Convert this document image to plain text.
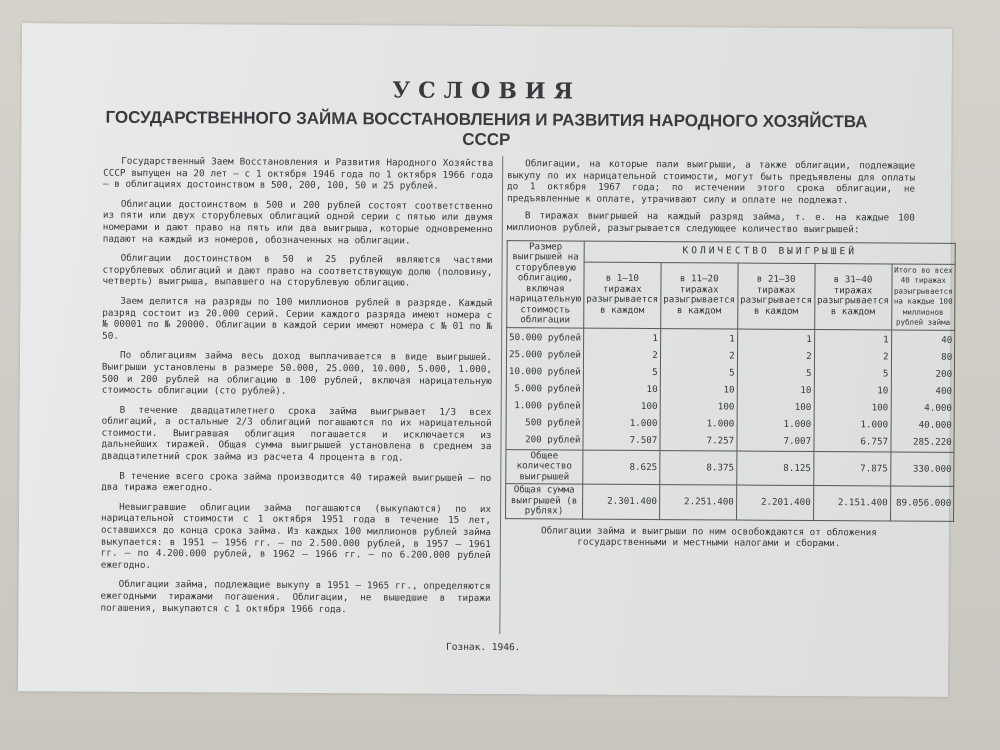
УСЛОВИЯ
ГОСУДАРСТВЕННОГО ЗАЙМА ВОССТАНОВЛЕНИЯ И РАЗВИТИЯ НАРОДНОГО ХОЗЯЙСТВА СССР

Государственный Заем Восстановления и Развития Народного Хозяйства СССР выпущен на 20 лет — с 1 октября 1946 года по 1 октября 1966 года — в облигациях достоинством в 500, 200, 100, 50 и 25 рублей.

Облигации достоинством в 500 и 200 рублей состоят соответственно из пяти или двух сторублевых облигаций одной серии с пятью или двумя номерами и дают право на пять или два выигрыша, которые одновременно падают на каждый из номеров, обозначенных на облигации.

Облигации достоинством в 50 и 25 рублей являются частями сторублевых облигаций и дают право на соответствующую долю (половину, четверть) выигрыша, выпавшего на сторублевую облигацию.

Заем делится на разряды по 100 миллионов рублей в разряде. Каждый разряд состоит из 20.000 серий. Серии каждого разряда имеют номера с № 00001 по № 20000. Облигации в каждой серии имеют номера с № 01 по № 50.

По облигациям займа весь доход выплачивается в виде выигрышей. Выигрыши установлены в размере 50.000, 25.000, 10.000, 5.000, 1.000, 500 и 200 рублей на облигацию в 100 рублей, включая нарицательную стоимость облигации (сто рублей).

В течение двадцатилетнего срока займа выигрывает 1/3 всех облигаций, а остальные 2/3 облигаций погашаются по их нарицательной стоимости. Выигравшая облигация погашается и исключается из дальнейших тиражей. Общая сумма выигрышей установлена в среднем за двадцатилетний срок займа из расчета 4 процента в год.

В течение всего срока займа производится 40 тиражей выигрышей — по два тиража ежегодно.

Невыигравшие облигации займа погашаются (выкупаются) по их нарицательной стоимости с 1 октября 1951 года в течение 15 лет, оставшихся до конца срока займа. Из каждых 100 миллионов рублей займа выкупается: в 1951 — 1956 гг. — по 2.500.000 рублей, в 1957 — 1961 гг. — по 4.200.000 рублей, в 1962 — 1966 гг. — по 6.200.000 рублей ежегодно.

Облигации займа, подлежащие выкупу в 1951 — 1965 гг., определяются ежегодными тиражами погашения. Облигации, не вышедшие в тиражи погашения, выкупаются с 1 октября 1966 года.

Облигации, на которые пали выигрыши, а также облигации, подлежащие выкупу по их нарицательной стоимости, могут быть предъявлены для оплаты до 1 октября 1967 года; по истечении этого срока облигации, не предъявленные к оплате, утрачивают силу и оплате не подлежат.

В тиражах выигрышей на каждый разряд займа, т. е. на каждые 100 миллионов рублей, разыгрывается следующее количество выигрышей:

Размер выигрышей на сторублевую облигацию, включая нарицательную стоимость облигации	КОЛИЧЕСТВО ВЫИГРЫШЕЙ				
	в 1—10 тиражах разыгрывается в каждом	в 11—20 тиражах разыгрывается в каждом	в 21—30 тиражах разыгрывается в каждом	в 31—40 тиражах разыгрывается в каждом	Итого во всех 40 тиражах разыгрывается на каждые 100 миллионов рублей займа
50.000 рублей	1	1	1	1	40
25.000 рублей	2	2	2	2	80
10.000 рублей	5	5	5	5	200
5.000 рублей	10	10	10	10	400
1.000 рублей	100	100	100	100	4.000
500 рублей	1.000	1.000	1.000	1.000	40.000
200 рублей	7.507	7.257	7.007	6.757	285.220
Общее количество выигрышей	8.625	8.375	8.125	7.875	330.000
Общая сумма выигрышей (в рублях)	2.301.400	2.251.400	2.201.400	2.151.400	89.056.000
Облигации займа и выигрыши по ним освобождаются от обложения государственными и местными налогами и сборами.
Гознак. 1946.
